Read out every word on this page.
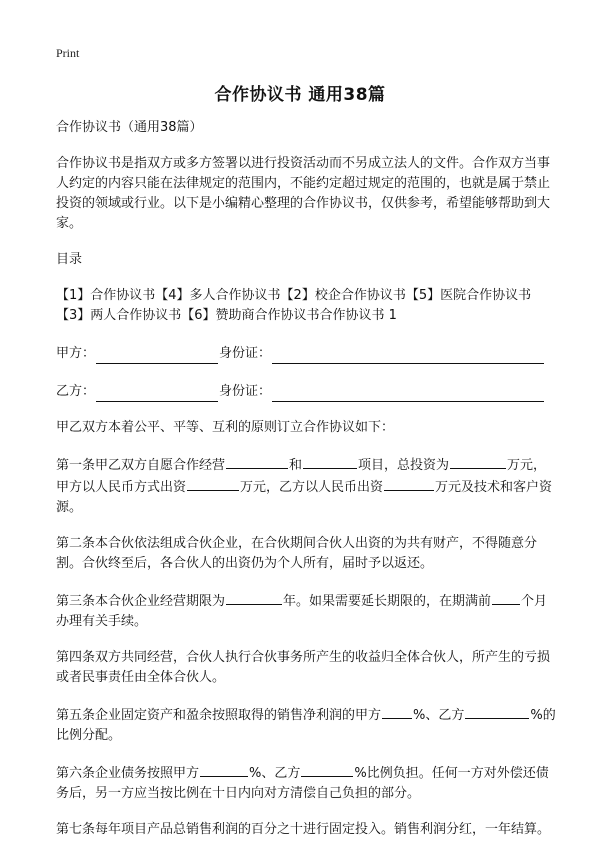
Print
合作协议书 通用38篇
合作协议书（通用38篇）
合作协议书是指双方或多方签署以进行投资活动而不另成立法人的文件。合作双方当事人约定的内容只能在法律规定的范围内，不能约定超过规定的范围的，也就是属于禁止投资的领域或行业。以下是小编精心整理的合作协议书，仅供参考，希望能够帮助到大家。
目录
【1】合作协议书【4】多人合作协议书【2】校企合作协议书【5】医院合作协议书
【3】两人合作协议书【6】赞助商合作协议书合作协议书 1
甲方：	身份证：
乙方：	身份证：
甲乙双方本着公平、平等、互利的原则订立合作协议如下：
第一条甲乙双方自愿合作经营	和	项目，总投资为	万元，甲方以人民币方式出资	万元，乙方以人民币出资	万元及技术和客户资源。
第二条本合伙依法组成合伙企业，在合伙期间合伙人出资的为共有财产，不得随意分割。合伙终至后，各合伙人的出资仍为个人所有，届时予以返还。
第三条本合伙企业经营期限为	年。如果需要延长期限的，在期满前 个月办理有关手续。
第四条双方共同经营，合伙人执行合伙事务所产生的收益归全体合伙人，所产生的亏损或者民事责任由全体合伙人。
第五条企业固定资产和盈余按照取得的销售净利润的甲方 %、乙方	%的比例分配。
第六条企业债务按照甲方	%、乙方	%比例负担。任何一方对外偿还债务后，另一方应当按比例在十日内向对方清偿自己负担的部分。
第七条每年项目产品总销售利润的百分之十进行固定投入。销售利润分红，一年结算。
